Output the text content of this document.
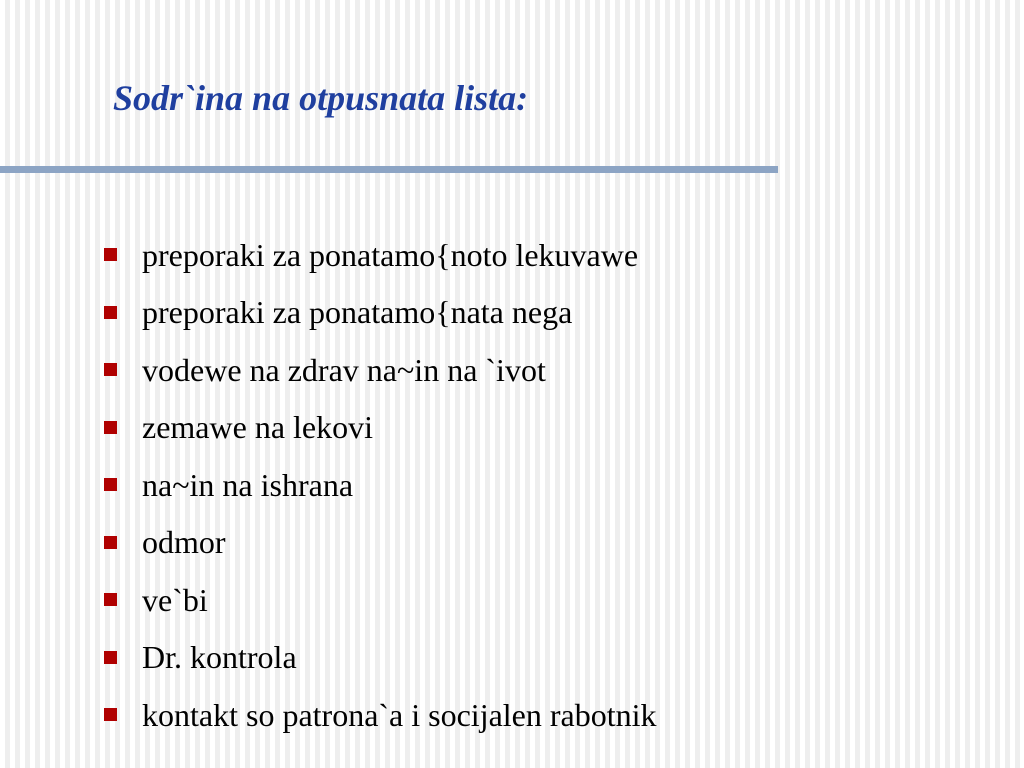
Sodr`ina na otpusnata lista:
preporaki za ponatamo{noto lekuvawe
preporaki za ponatamo{nata nega
vodewe na zdrav na~in na `ivot
zemawe na lekovi
na~in na ishrana
odmor
ve`bi
Dr. kontrola
kontakt so patrona`a i socijalen rabotnik
